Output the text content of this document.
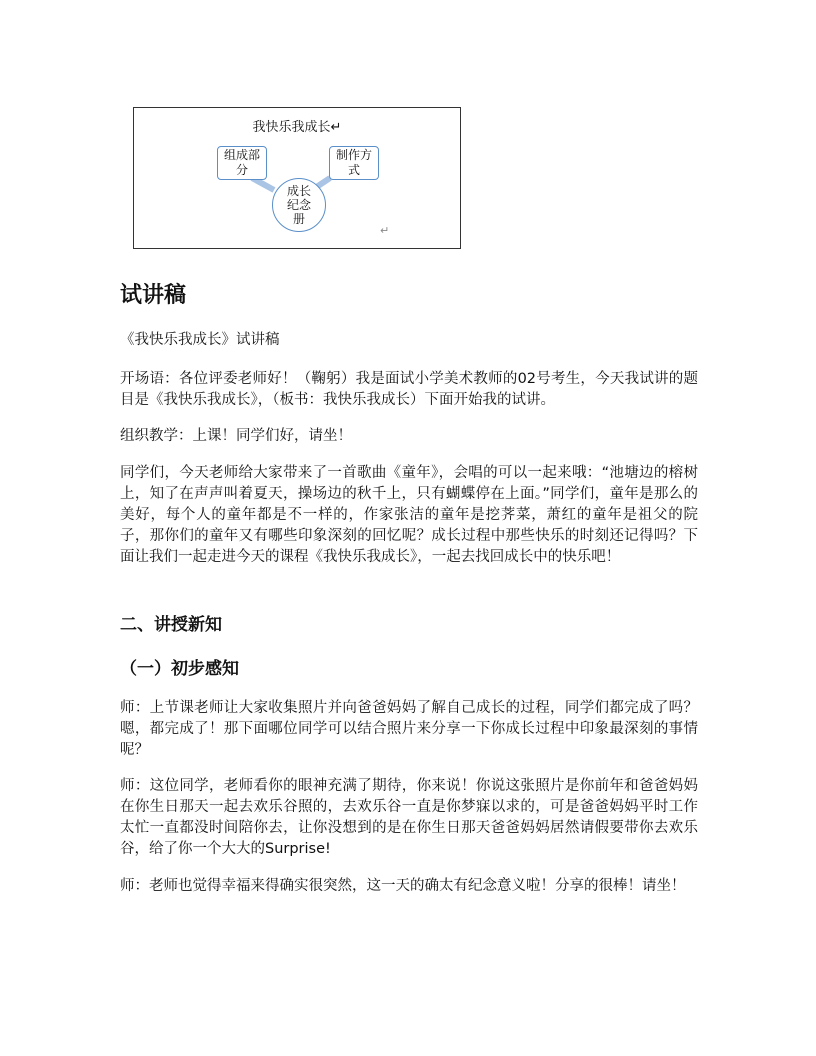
我快乐我成长↵
组成部分
制作方式
成长纪念册
↵
试讲稿

《我快乐我成长》试讲稿

开场语：各位评委老师好！（鞠躬）我是面试小学美术教师的02号考生，今天我试讲的题目是《我快乐我成长》，（板书：我快乐我成长）下面开始我的试讲。

组织教学：上课！同学们好，请坐！

同学们，今天老师给大家带来了一首歌曲《童年》，会唱的可以一起来哦：“池塘边的榕树上，知了在声声叫着夏天，操场边的秋千上，只有蝴蝶停在上面。”同学们，童年是那么的美好，每个人的童年都是不一样的，作家张洁的童年是挖荠菜，萧红的童年是祖父的院子，那你们的童年又有哪些印象深刻的回忆呢？成长过程中那些快乐的时刻还记得吗？下面让我们一起走进今天的课程《我快乐我成长》，一起去找回成长中的快乐吧！

二、讲授新知
（一）初步感知

师：上节课老师让大家收集照片并向爸爸妈妈了解自己成长的过程，同学们都完成了吗？嗯，都完成了！那下面哪位同学可以结合照片来分享一下你成长过程中印象最深刻的事情呢？

师：这位同学，老师看你的眼神充满了期待，你来说！你说这张照片是你前年和爸爸妈妈在你生日那天一起去欢乐谷照的，去欢乐谷一直是你梦寐以求的，可是爸爸妈妈平时工作太忙一直都没时间陪你去，让你没想到的是在你生日那天爸爸妈妈居然请假要带你去欢乐谷，给了你一个大大的Surprise!

师：老师也觉得幸福来得确实很突然，这一天的确太有纪念意义啦！分享的很棒！请坐！
